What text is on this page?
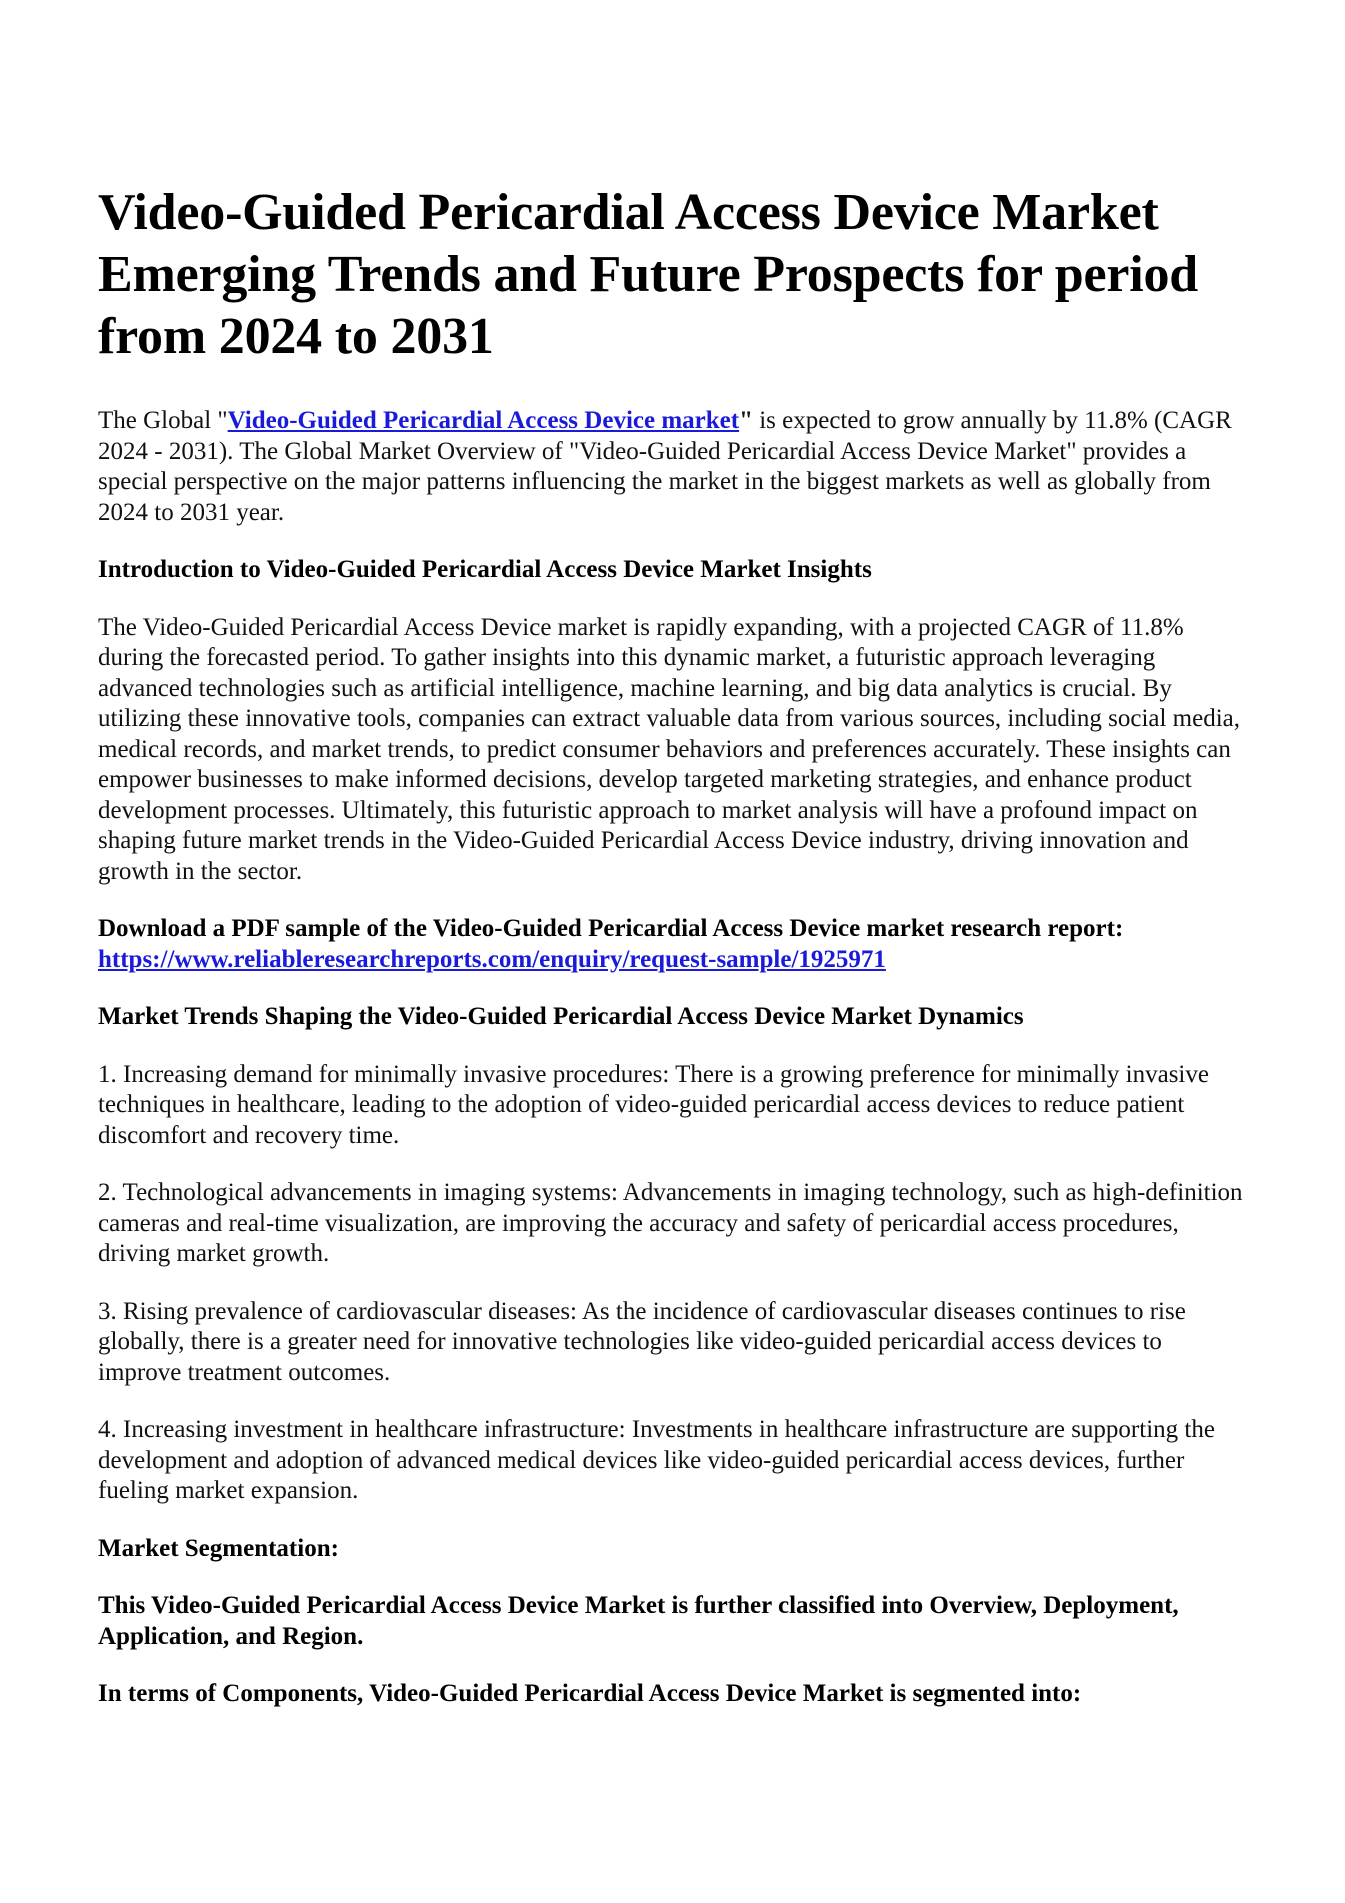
Video-Guided Pericardial Access Device Market Emerging Trends and Future Prospects for period from 2024 to 2031

The Global "Video-Guided Pericardial Access Device market" is expected to grow annually by 11.8% (CAGR 2024 - 2031). The Global Market Overview of "Video-Guided Pericardial Access Device Market" provides a special perspective on the major patterns influencing the market in the biggest markets as well as globally from 2024 to 2031 year.

Introduction to Video-Guided Pericardial Access Device Market Insights

The Video-Guided Pericardial Access Device market is rapidly expanding, with a projected CAGR of 11.8% during the forecasted period. To gather insights into this dynamic market, a futuristic approach leveraging advanced technologies such as artificial intelligence, machine learning, and big data analytics is crucial. By utilizing these innovative tools, companies can extract valuable data from various sources, including social media, medical records, and market trends, to predict consumer behaviors and preferences accurately. These insights can empower businesses to make informed decisions, develop targeted marketing strategies, and enhance product development processes. Ultimately, this futuristic approach to market analysis will have a profound impact on shaping future market trends in the Video-Guided Pericardial Access Device industry, driving innovation and growth in the sector.

Download a PDF sample of the Video-Guided Pericardial Access Device market research report:
https://www.reliableresearchreports.com/enquiry/request-sample/1925971

Market Trends Shaping the Video-Guided Pericardial Access Device Market Dynamics

1. Increasing demand for minimally invasive procedures: There is a growing preference for minimally invasive techniques in healthcare, leading to the adoption of video-guided pericardial access devices to reduce patient discomfort and recovery time.

2. Technological advancements in imaging systems: Advancements in imaging technology, such as high-definition cameras and real-time visualization, are improving the accuracy and safety of pericardial access procedures, driving market growth.

3. Rising prevalence of cardiovascular diseases: As the incidence of cardiovascular diseases continues to rise globally, there is a greater need for innovative technologies like video-guided pericardial access devices to improve treatment outcomes.

4. Increasing investment in healthcare infrastructure: Investments in healthcare infrastructure are supporting the development and adoption of advanced medical devices like video-guided pericardial access devices, further fueling market expansion.

Market Segmentation:

This Video-Guided Pericardial Access Device Market is further classified into Overview, Deployment, Application, and Region.

In terms of Components, Video-Guided Pericardial Access Device Market is segmented into:
